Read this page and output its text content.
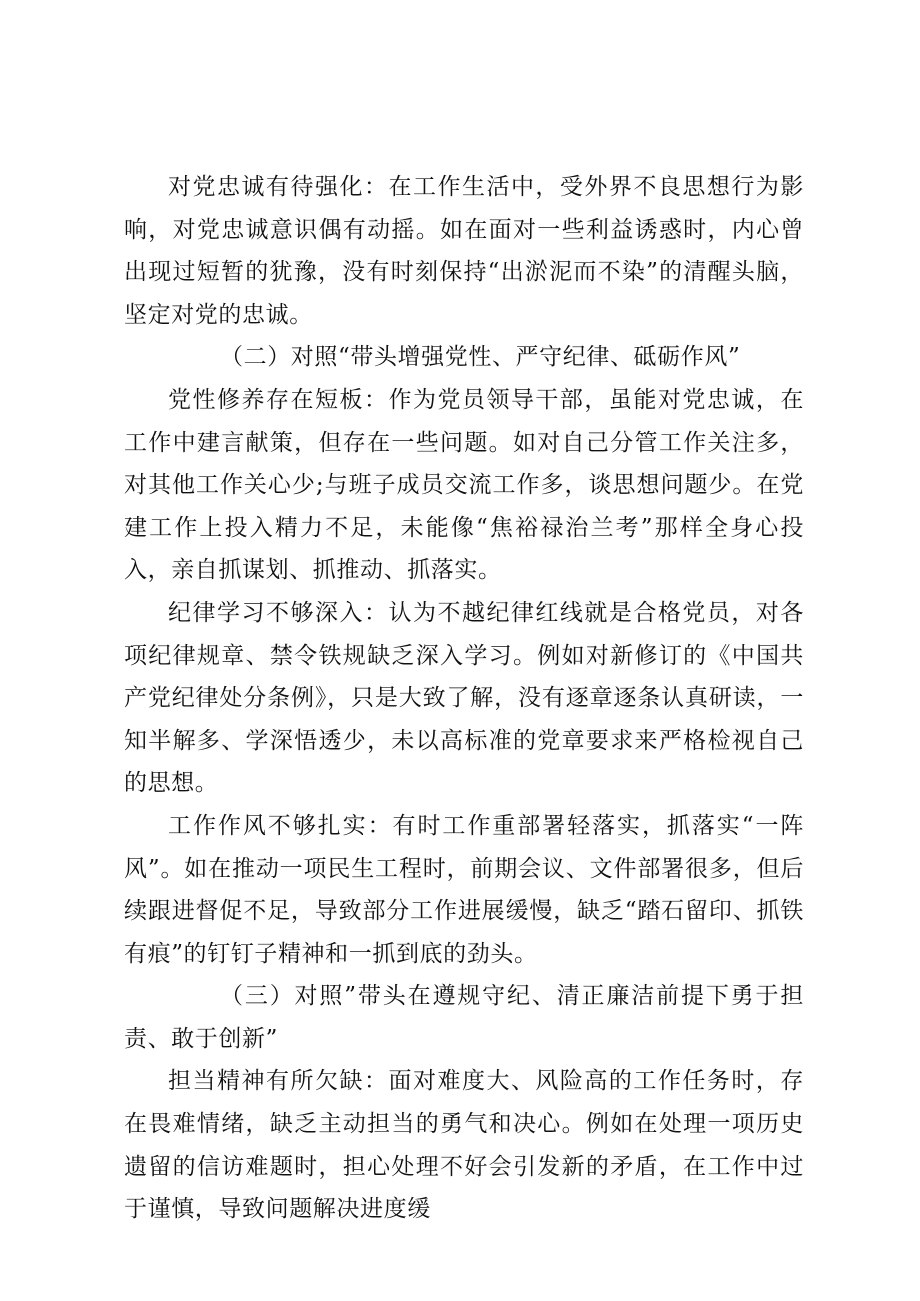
对党忠诚有待强化：在工作生活中，受外界不良思想行为影响，对党忠诚意识偶有动摇。如在面对一些利益诱惑时，内心曾出现过短暂的犹豫，没有时刻保持“出淤泥而不染”的清醒头脑，坚定对党的忠诚。

（二）对照“带头增强党性、严守纪律、砥砺作风”

党性修养存在短板：作为党员领导干部，虽能对党忠诚，在工作中建言献策，但存在一些问题。如对自己分管工作关注多，对其他工作关心少;与班子成员交流工作多，谈思想问题少。在党建工作上投入精力不足，未能像“焦裕禄治兰考”那样全身心投入，亲自抓谋划、抓推动、抓落实。

纪律学习不够深入：认为不越纪律红线就是合格党员，对各项纪律规章、禁令铁规缺乏深入学习。例如对新修订的《中国共产党纪律处分条例》，只是大致了解，没有逐章逐条认真研读，一知半解多、学深悟透少，未以高标准的党章要求来严格检视自己的思想。

工作作风不够扎实：有时工作重部署轻落实，抓落实“一阵风”。如在推动一项民生工程时，前期会议、文件部署很多，但后续跟进督促不足，导致部分工作进展缓慢，缺乏“踏石留印、抓铁有痕”的钉钉子精神和一抓到底的劲头。

（三）对照”带头在遵规守纪、清正廉洁前提下勇于担责、敢于创新”

担当精神有所欠缺：面对难度大、风险高的工作任务时，存在畏难情绪，缺乏主动担当的勇气和决心。例如在处理一项历史遗留的信访难题时，担心处理不好会引发新的矛盾，在工作中过于谨慎，导致问题解决进度缓
